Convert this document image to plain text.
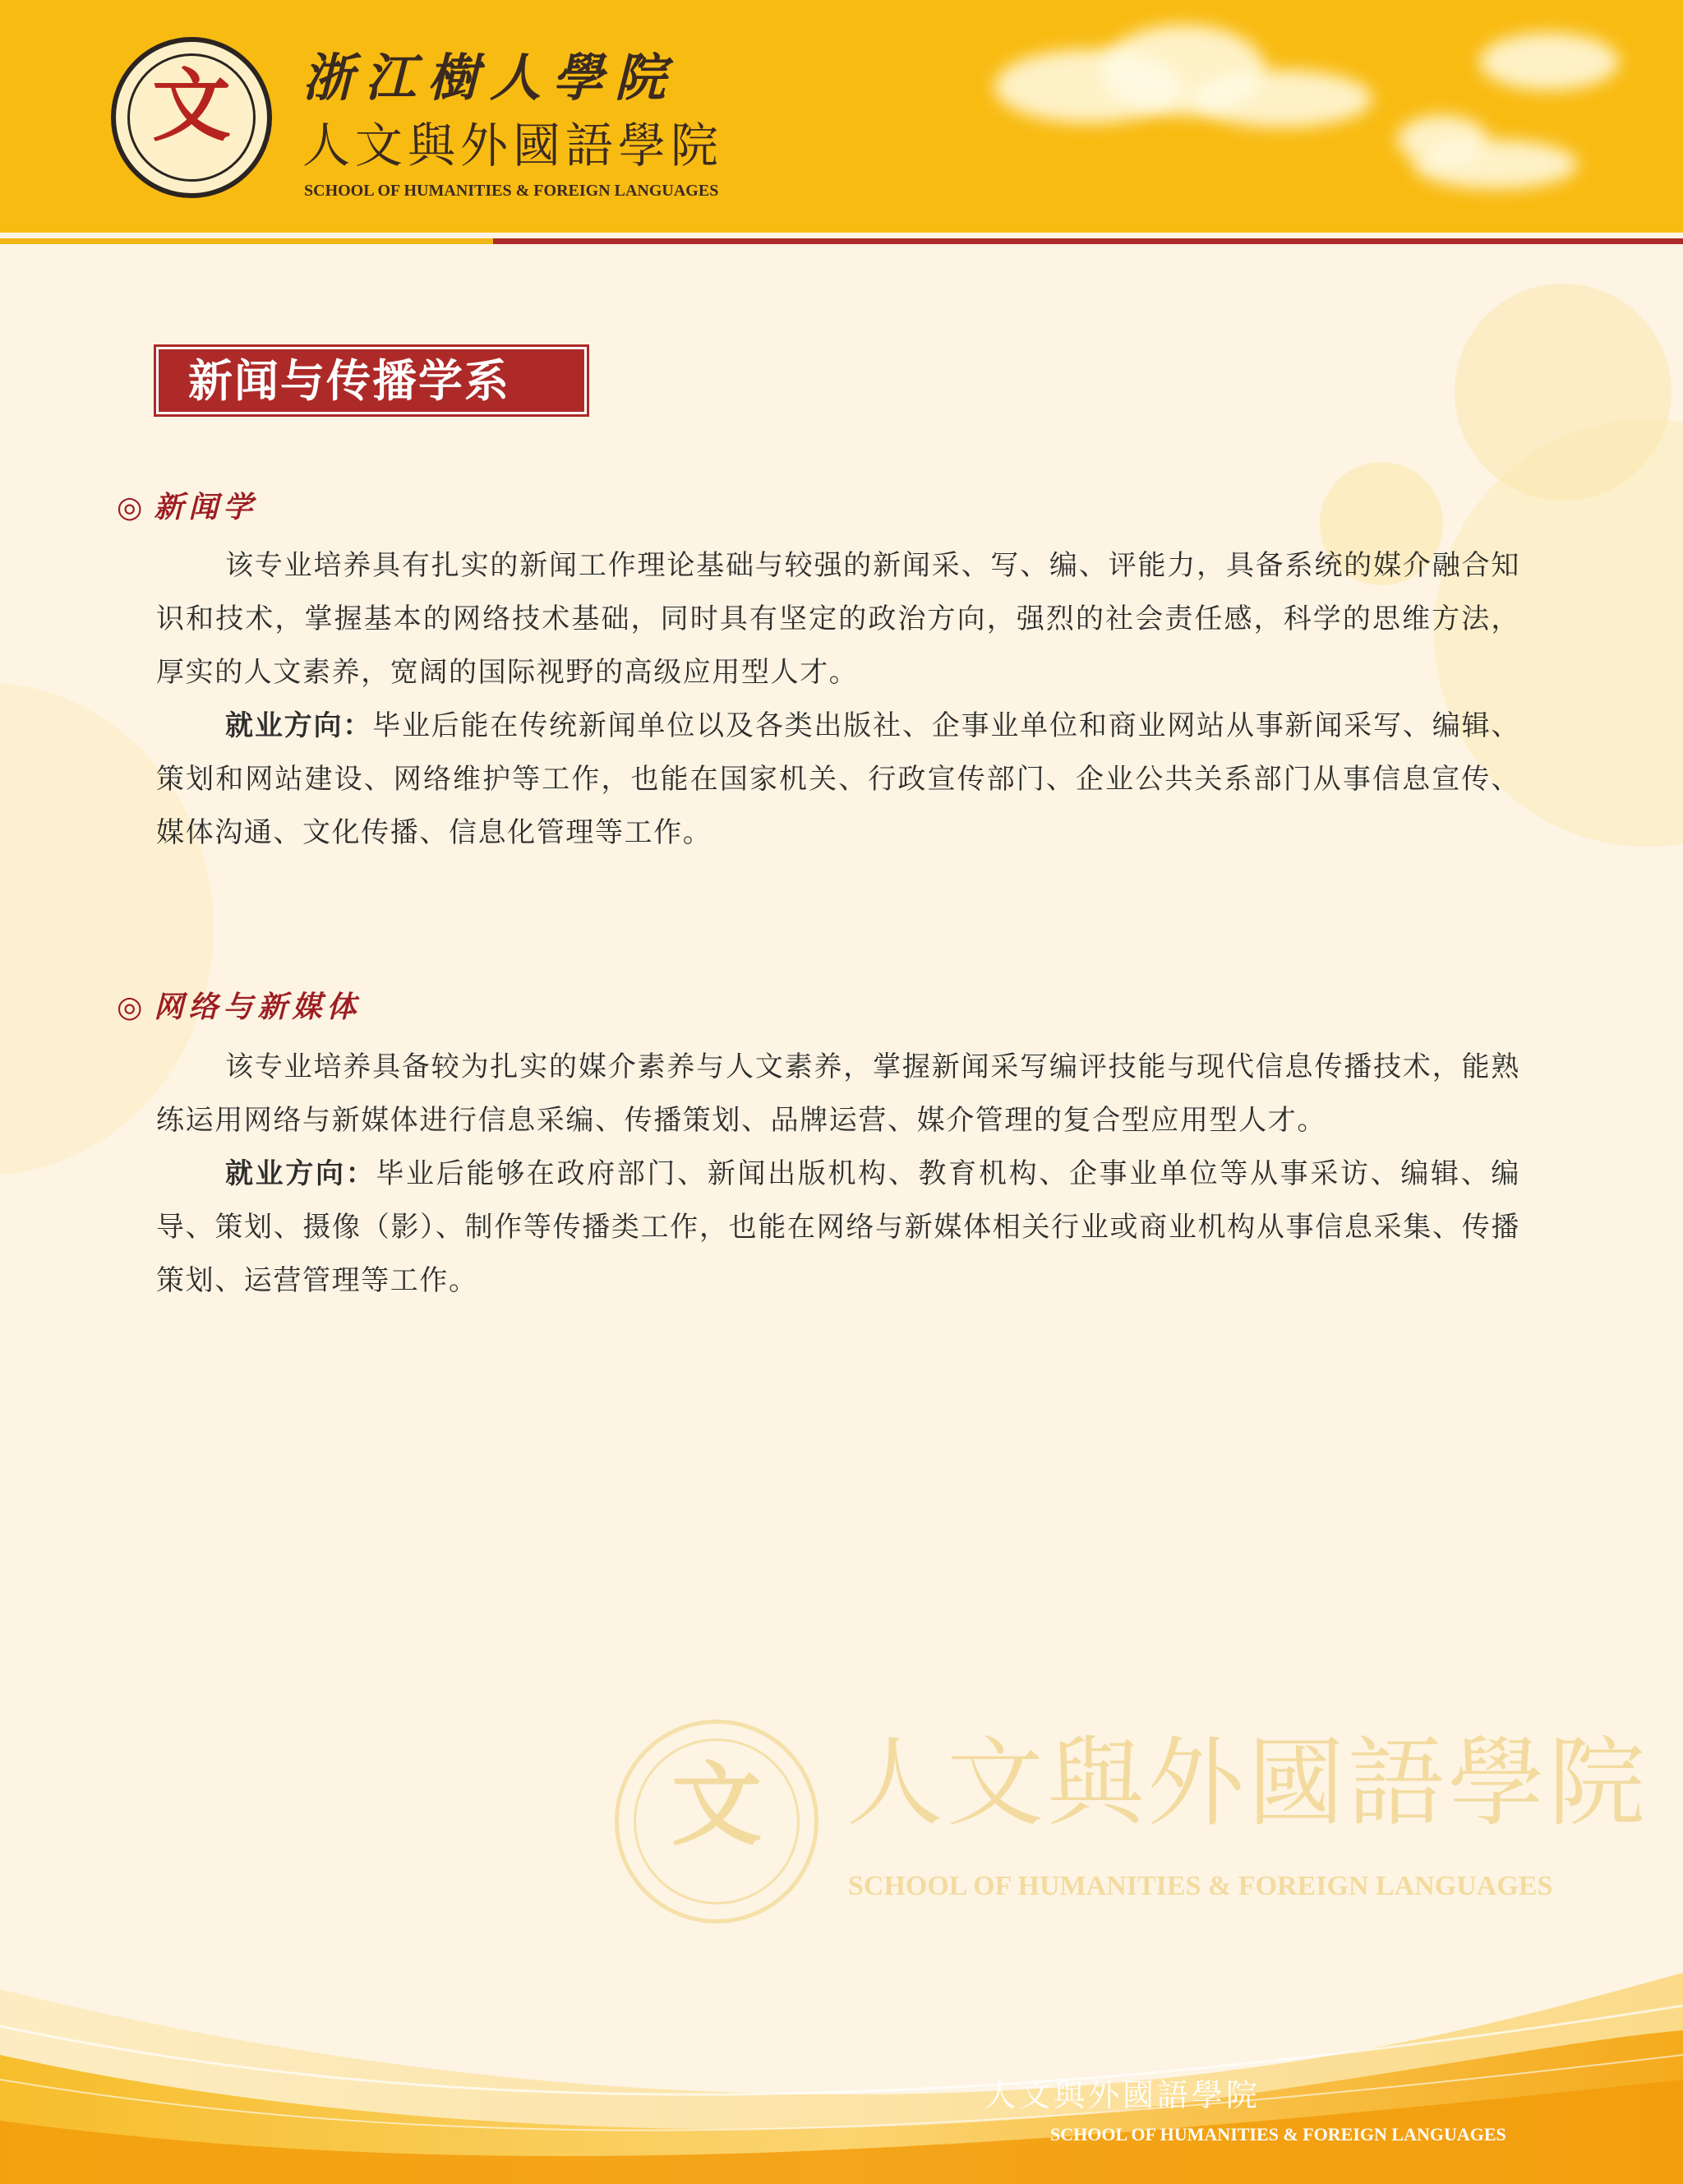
文	浙江樹人學院
人文與外國語學院
SCHOOL OF HUMANITIES & FOREIGN LANGUAGES
新闻与传播学系
◎ 新闻学

该专业培养具有扎实的新闻工作理论基础与较强的新闻采、写、编、评能力，具备系统的媒介融合知识和技术，掌握基本的网络技术基础，同时具有坚定的政治方向，强烈的社会责任感，科学的思维方法，厚实的人文素养，宽阔的国际视野的高级应用型人才。

就业方向：毕业后能在传统新闻单位以及各类出版社、企事业单位和商业网站从事新闻采写、编辑、策划和网站建设、网络维护等工作，也能在国家机关、行政宣传部门、企业公共关系部门从事信息宣传、媒体沟通、文化传播、信息化管理等工作。

◎ 网络与新媒体

该专业培养具备较为扎实的媒介素养与人文素养，掌握新闻采写编评技能与现代信息传播技术，能熟练运用网络与新媒体进行信息采编、传播策划、品牌运营、媒介管理的复合型应用型人才。

就业方向：毕业后能够在政府部门、新闻出版机构、教育机构、企事业单位等从事采访、编辑、编导、策划、摄像（影）、制作等传播类工作，也能在网络与新媒体相关行业或商业机构从事信息采集、传播策划、运营管理等工作。

文 人文與外國語學院
SCHOOL OF HUMANITIES & FOREIGN LANGUAGES
人文與外國語學院
SCHOOL OF HUMANITIES & FOREIGN LANGUAGES
